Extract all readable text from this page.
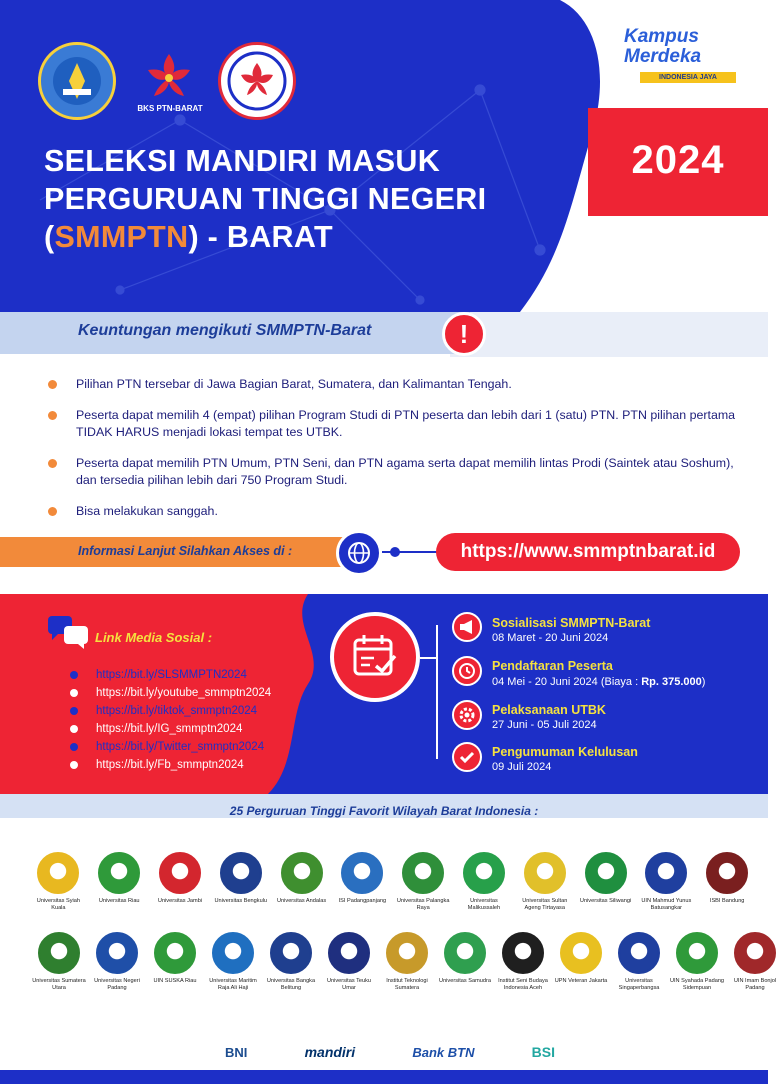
2024
BKS PTN-BARAT
Kampus
Merdeka
INDONESIA JAYA
SELEKSI MANDIRI MASUK
PERGURUAN TINGGI NEGERI
(SMMPTN) - BARAT
Keuntungan mengikuti SMMPTN-Barat	!
Pilihan PTN tersebar di Jawa Bagian Barat, Sumatera, dan Kalimantan Tengah.
Peserta dapat memilih 4 (empat) pilihan Program Studi di PTN peserta dan lebih dari 1 (satu) PTN. PTN pilihan pertama TIDAK HARUS menjadi lokasi tempat tes UTBK.
Peserta dapat memilih PTN Umum, PTN Seni, dan PTN agama serta dapat memilih lintas Prodi (Saintek atau Soshum), dan tersedia pilihan lebih dari 750 Program Studi.
Bisa melakukan sanggah.
Informasi Lanjut Silahkan Akses di :	https://www.smmptnbarat.id
Link Media Sosial :
https://bit.ly/SLSMMPTN2024
https://bit.ly/youtube_smmptn2024
https://bit.ly/tiktok_smmptn2024
https://bit.ly/IG_smmptn2024
https://bit.ly/Twitter_smmptn2024
https://bit.ly/Fb_smmptn2024
Sosialisasi SMMPTN-Barat
08 Maret - 20 Juni 2024
Pendaftaran Peserta
04 Mei - 20 Juni 2024 (Biaya : Rp. 375.000)
Pelaksanaan UTBK
27 Juni - 05 Juli 2024
Pengumuman Kelulusan
09 Juli 2024
25 Perguruan Tinggi Favorit Wilayah Barat Indonesia :
Universitas Syiah Kuala
Universitas Riau	Universitas Jambi	Universitas Bengkulu	Universitas Andalas	ISI Padangpanjang	Universitas Palangka Raya
Universitas Malikussaleh
Universitas Sultan Ageng Tirtayasa
Universitas Siliwangi	UIN Mahmud Yunus Batusangkar
ISBI Bandung
Universitas Sumatera Utara
Universitas Negeri Padang
UIN SUSKA Riau	Universitas Maritim Raja Ali Haji
Universitas Bangka Belitung
Universitas Teuku Umar
Institut Teknologi Sumatera
Universitas Samudra	Institut Seni Budaya Indonesia Aceh
UPN Veteran Jakarta	Universitas Singaperbangsa
UIN Syahada Padang Sidempuan
UIN Imam Bonjol Padang
BNI	mandiri	Bank BTN	BSI
